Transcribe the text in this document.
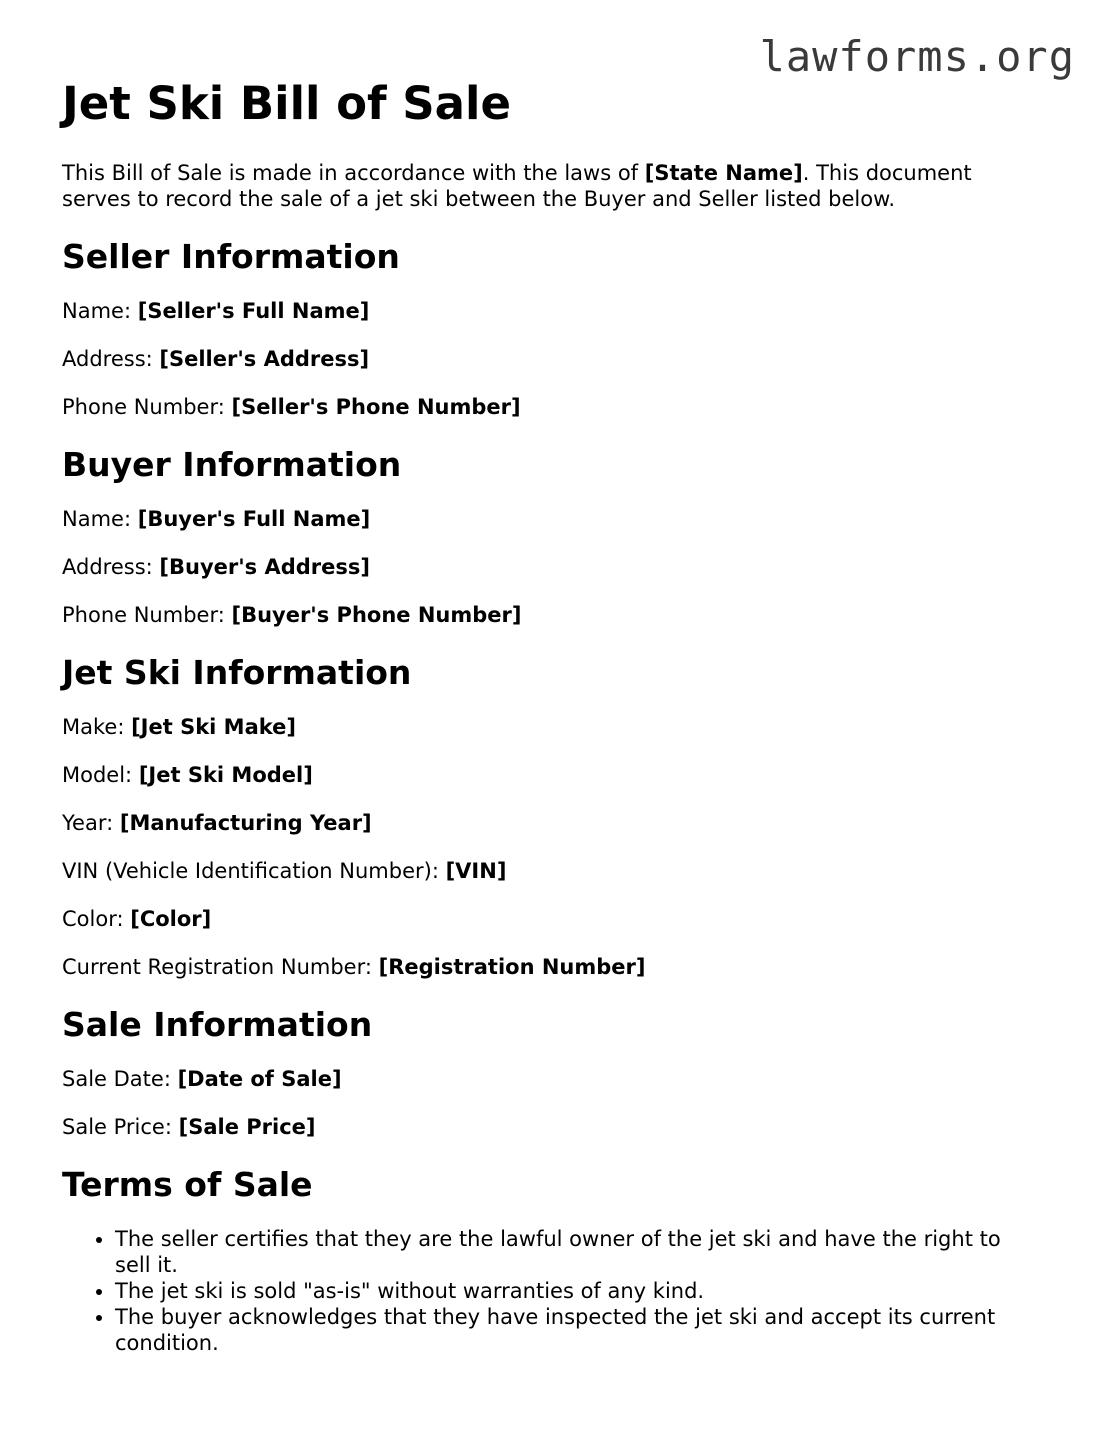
lawforms.org
Jet Ski Bill of Sale

This Bill of Sale is made in accordance with the laws of [State Name]. This document serves to record the sale of a jet ski between the Buyer and Seller listed below.

Seller Information

Name: [Seller's Full Name]

Address: [Seller's Address]

Phone Number: [Seller's Phone Number]

Buyer Information

Name: [Buyer's Full Name]

Address: [Buyer's Address]

Phone Number: [Buyer's Phone Number]

Jet Ski Information

Make: [Jet Ski Make]

Model: [Jet Ski Model]

Year: [Manufacturing Year]

VIN (Vehicle Identification Number): [VIN]

Color: [Color]

Current Registration Number: [Registration Number]

Sale Information

Sale Date: [Date of Sale]

Sale Price: [Sale Price]

Terms of Sale
• The seller certifies that they are the lawful owner of the jet ski and have the right to sell it.
• The jet ski is sold "as-is" without warranties of any kind.
• The buyer acknowledges that they have inspected the jet ski and accept its current condition.
